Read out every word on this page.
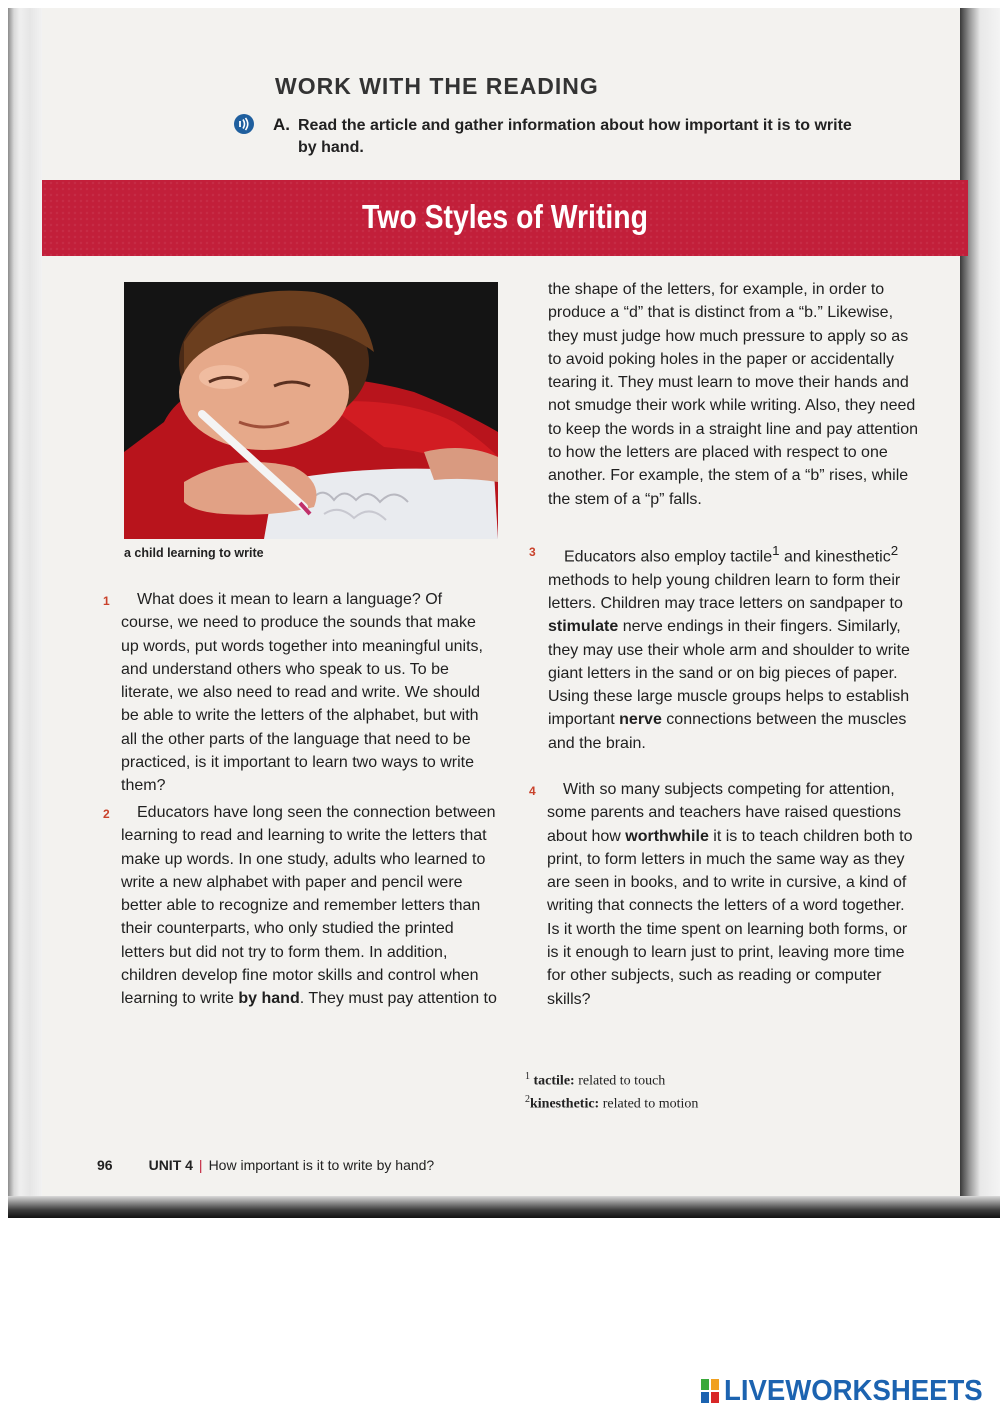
WORK WITH THE READING
A. Read the article and gather information about how important it is to write by hand.

Two Styles of Writing
a child learning to write
1	What does it mean to learn a language? Of course, we need to produce the sounds that make up words, put words together into meaningful units, and understand others who speak to us. To be literate, we also need to read and write. We should be able to write the letters of the alphabet, but with all the other parts of the language that need to be practiced, is it important to learn two ways to write them?

2	Educators have long seen the connection between learning to read and learning to write the letters that make up words. In one study, adults who learned to write a new alphabet with paper and pencil were better able to recognize and remember letters than their counterparts, who only studied the printed letters but did not try to form them. In addition, children develop fine motor skills and control when learning to write by hand. They must pay attention to

the shape of the letters, for example, in order to produce a “d” that is distinct from a “b.” Likewise, they must judge how much pressure to apply so as to avoid poking holes in the paper or accidentally tearing it. They must learn to move their hands and not smudge their work while writing. Also, they need to keep the words in a straight line and pay attention to how the letters are placed with respect to one another. For example, the stem of a “b” rises, while the stem of a “p” falls.

3	Educators also employ tactile$^1$ and kinesthetic$^2$ methods to help young children learn to form their letters. Children may trace letters on sandpaper to stimulate nerve endings in their fingers. Similarly, they may use their whole arm and shoulder to write giant letters in the sand or on big pieces of paper. Using these large muscle groups helps to establish important nerve connections between the muscles and the brain.

4	With so many subjects competing for attention, some parents and teachers have raised questions about how worthwhile it is to teach children both to print, to form letters in much the same way as they are seen in books, and to write in cursive, a kind of writing that connects the letters of a word together. Is it worth the time spent on learning both forms, or is it enough to learn just to print, leaving more time for other subjects, such as reading or computer skills?

$^1$ tactile: related to touch
$^2$kinesthetic: related to motion
96	UNIT 4 | How important is it to write by hand?
LIVEWORKSHEETS
